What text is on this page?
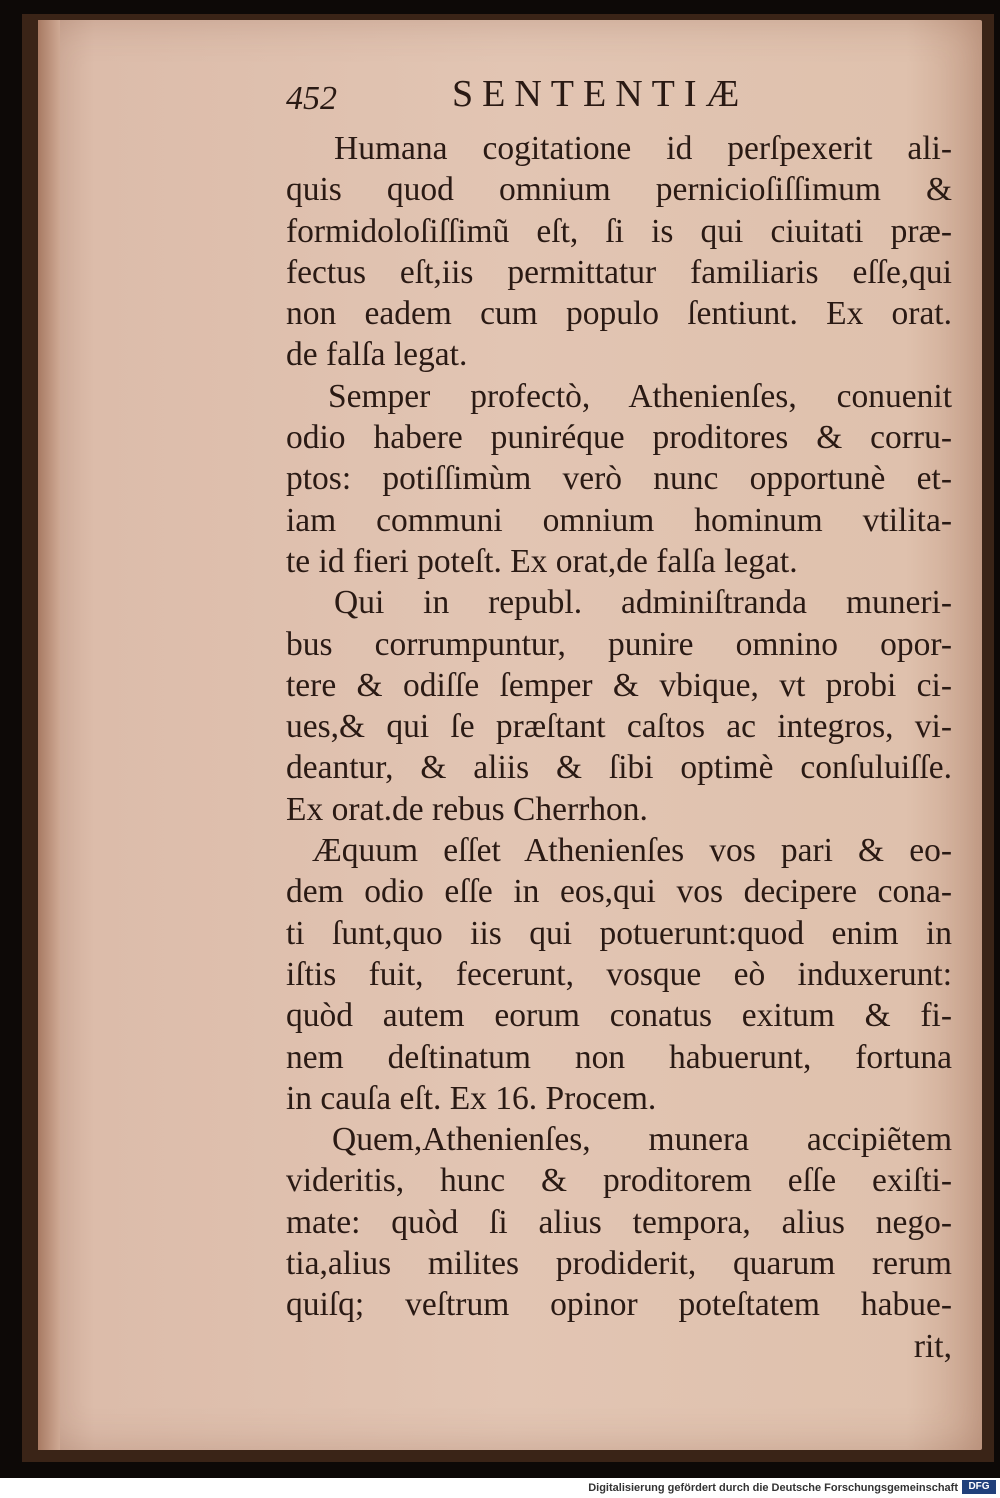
452	SENTENTIÆ
Humana cogitatione id perſpexerit ali-
quis quod omnium pernicioſiſſimum &
formidoloſiſſimũ eſt, ſi is qui ciuitati præ-
fectus eſt,iis permittatur familiaris eſſe,qui
non eadem cum populo ſentiunt. Ex orat.
de falſa legat.
Semper profectò, Athenienſes, conuenit
odio habere puniréque proditores & corru-
ptos: potiſſimùm verò nunc opportunè et-
iam communi omnium hominum vtilita-
te id fieri poteſt. Ex orat,de falſa legat.
Qui in republ. adminiſtranda muneri-
bus corrumpuntur, punire omnino opor-
tere & odiſſe ſemper & vbique, vt probi ci-
ues,& qui ſe præſtant caſtos ac integros, vi-
deantur, & aliis & ſibi optimè conſuluiſſe.
Ex orat.de rebus Cherrhon.
Æquum eſſet Athenienſes vos pari & eo-
dem odio eſſe in eos,qui vos decipere cona-
ti ſunt,quo iis qui potuerunt:quod enim in
iſtis fuit, fecerunt, vosque eò induxerunt:
quòd autem eorum conatus exitum & fi-
nem deſtinatum non habuerunt, fortuna
in cauſa eſt. Ex 16. Procem.
Quem,Athenienſes, munera accipiẽtem
videritis, hunc & proditorem eſſe exiſti-
mate: quòd ſi alius tempora, alius nego-
tia,alius milites prodiderit, quarum rerum
quiſq; veſtrum opinor poteſtatem habue-
rit,
Digitalisierung gefördert durch die Deutsche Forschungsgemeinschaft	DFG
